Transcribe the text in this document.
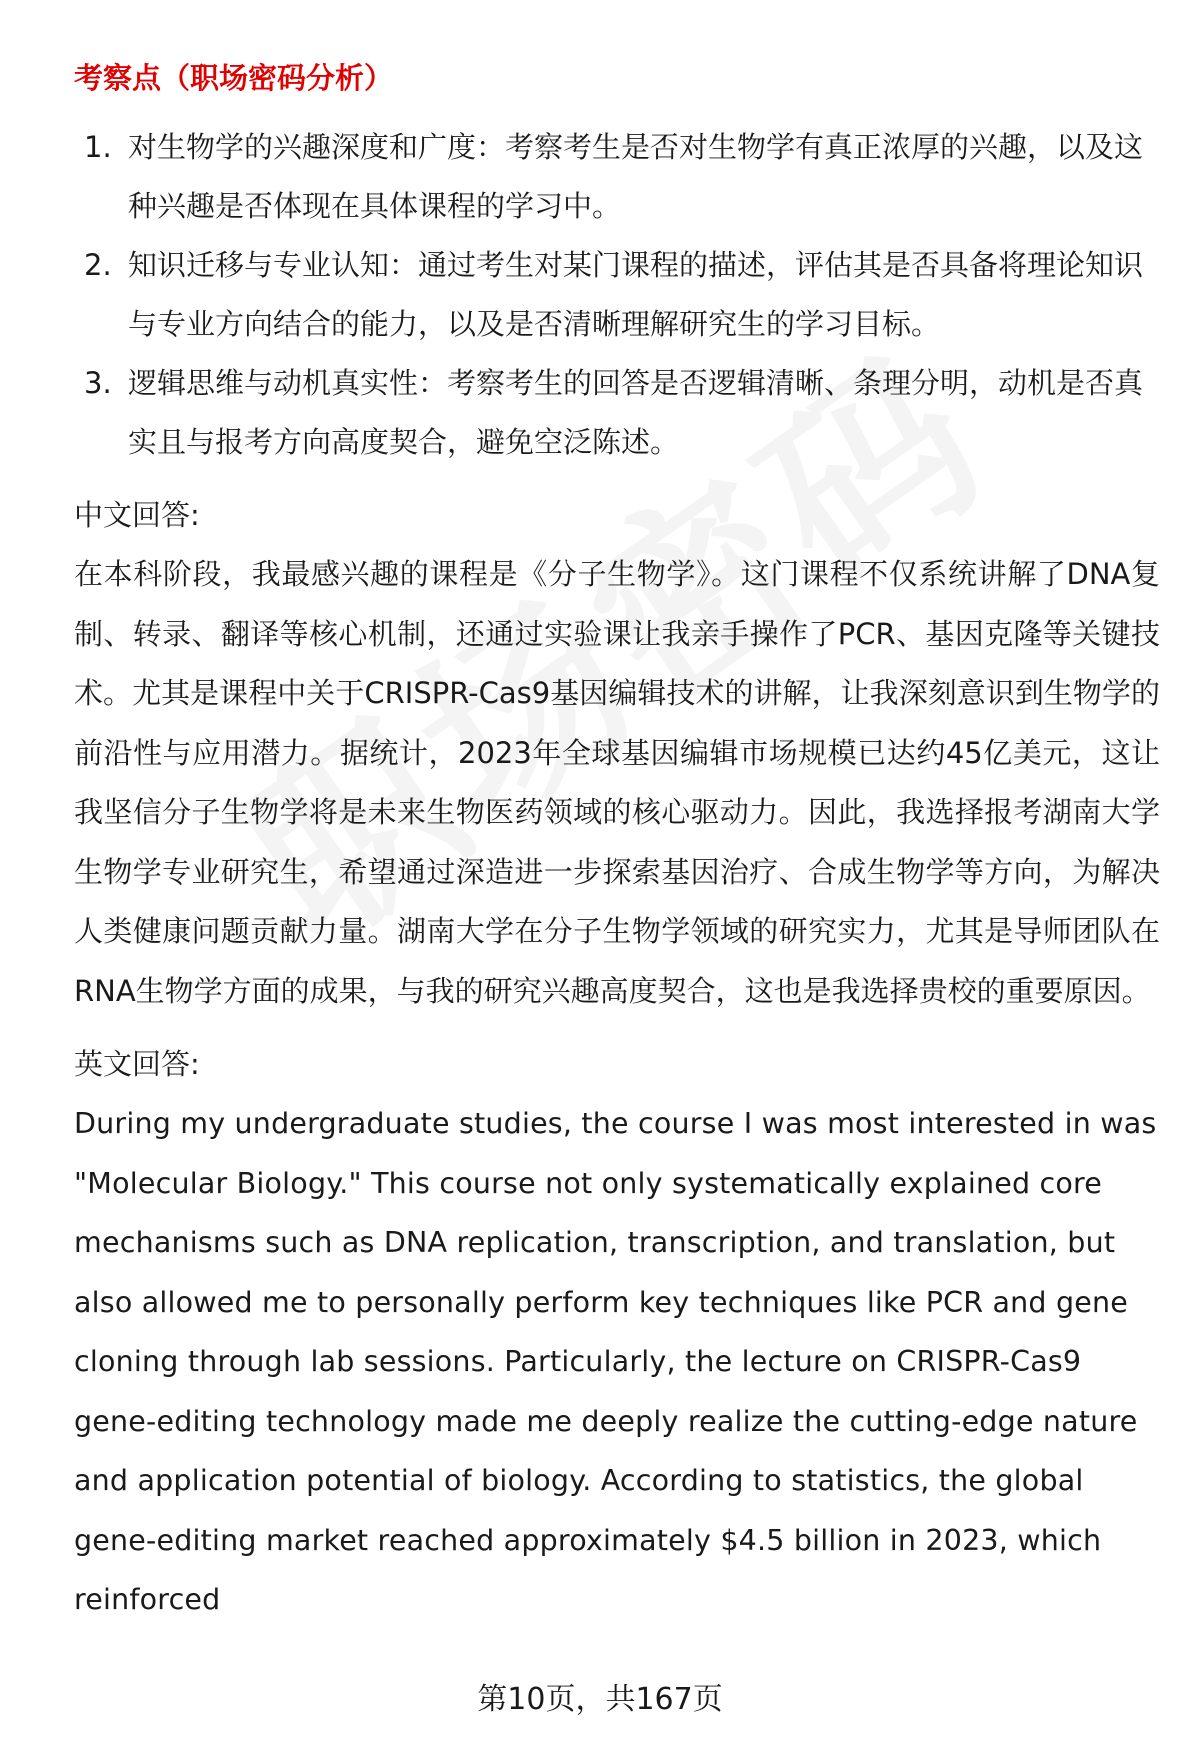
考察点（职场密码分析）
1. 对生物学的兴趣深度和广度：考察考生是否对生物学有真正浓厚的兴趣，以及这种兴趣是否体现在具体课程的学习中。
2. 知识迁移与专业认知：通过考生对某门课程的描述，评估其是否具备将理论知识与专业方向结合的能力，以及是否清晰理解研究生的学习目标。
3. 逻辑思维与动机真实性：考察考生的回答是否逻辑清晰、条理分明，动机是否真实且与报考方向高度契合，避免空泛陈述。
中文回答:
在本科阶段，我最感兴趣的课程是《分子生物学》。这门课程不仅系统讲解了DNA复制、转录、翻译等核心机制，还通过实验课让我亲手操作了PCR、基因克隆等关键技术。尤其是课程中关于CRISPR-Cas9基因编辑技术的讲解，让我深刻意识到生物学的前沿性与应用潜力。据统计，2023年全球基因编辑市场规模已达约45亿美元，这让我坚信分子生物学将是未来生物医药领域的核心驱动力。因此，我选择报考湖南大学生物学专业研究生，希望通过深造进一步探索基因治疗、合成生物学等方向，为解决人类健康问题贡献力量。湖南大学在分子生物学领域的研究实力，尤其是导师团队在RNA生物学方面的成果，与我的研究兴趣高度契合，这也是我选择贵校的重要原因。
英文回答:
During my undergraduate studies, the course I was most interested in was "Molecular Biology." This course not only systematically explained core mechanisms such as DNA replication, transcription, and translation, but also allowed me to personally perform key techniques like PCR and gene cloning through lab sessions. Particularly, the lecture on CRISPR-Cas9 gene-editing technology made me deeply realize the cutting-edge nature and application potential of biology. According to statistics, the global gene-editing market reached approximately $4.5 billion in 2023, which reinforced
第10页，共167页
